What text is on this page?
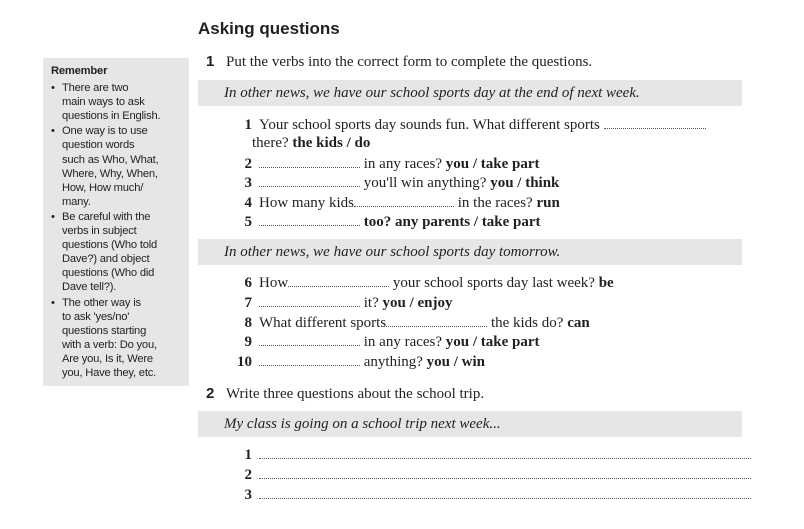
Asking questions
Remember
• There are two
main ways to ask
questions in English.
• One way is to use
question words
such as Who, What,
Where, Why, When,
How, How much/
many.
• Be careful with the
verbs in subject
questions (Who told
Dave?) and object
questions (Who did
Dave tell?).
• The other way is
to ask 'yes/no'
questions starting
with a verb: Do you,
Are you, Is it, Were
you, Have they, etc.
1 Put the verbs into the correct form to complete the questions.
In other news, we have our school sports day at the end of next week.
1 Your school sports day sounds fun. What different sports
there? the kids / do
2	in any races? you / take part
3	you'll win anything? you / think
4 How many kids	in the races? run
5	too? any parents / take part
In other news, we have our school sports day tomorrow.
6 How	your school sports day last week? be
7	it? you / enjoy
8 What different sports	the kids do? can
9	in any races? you / take part
10	anything? you / win
2 Write three questions about the school trip.
My class is going on a school trip next week...
1
2
3
